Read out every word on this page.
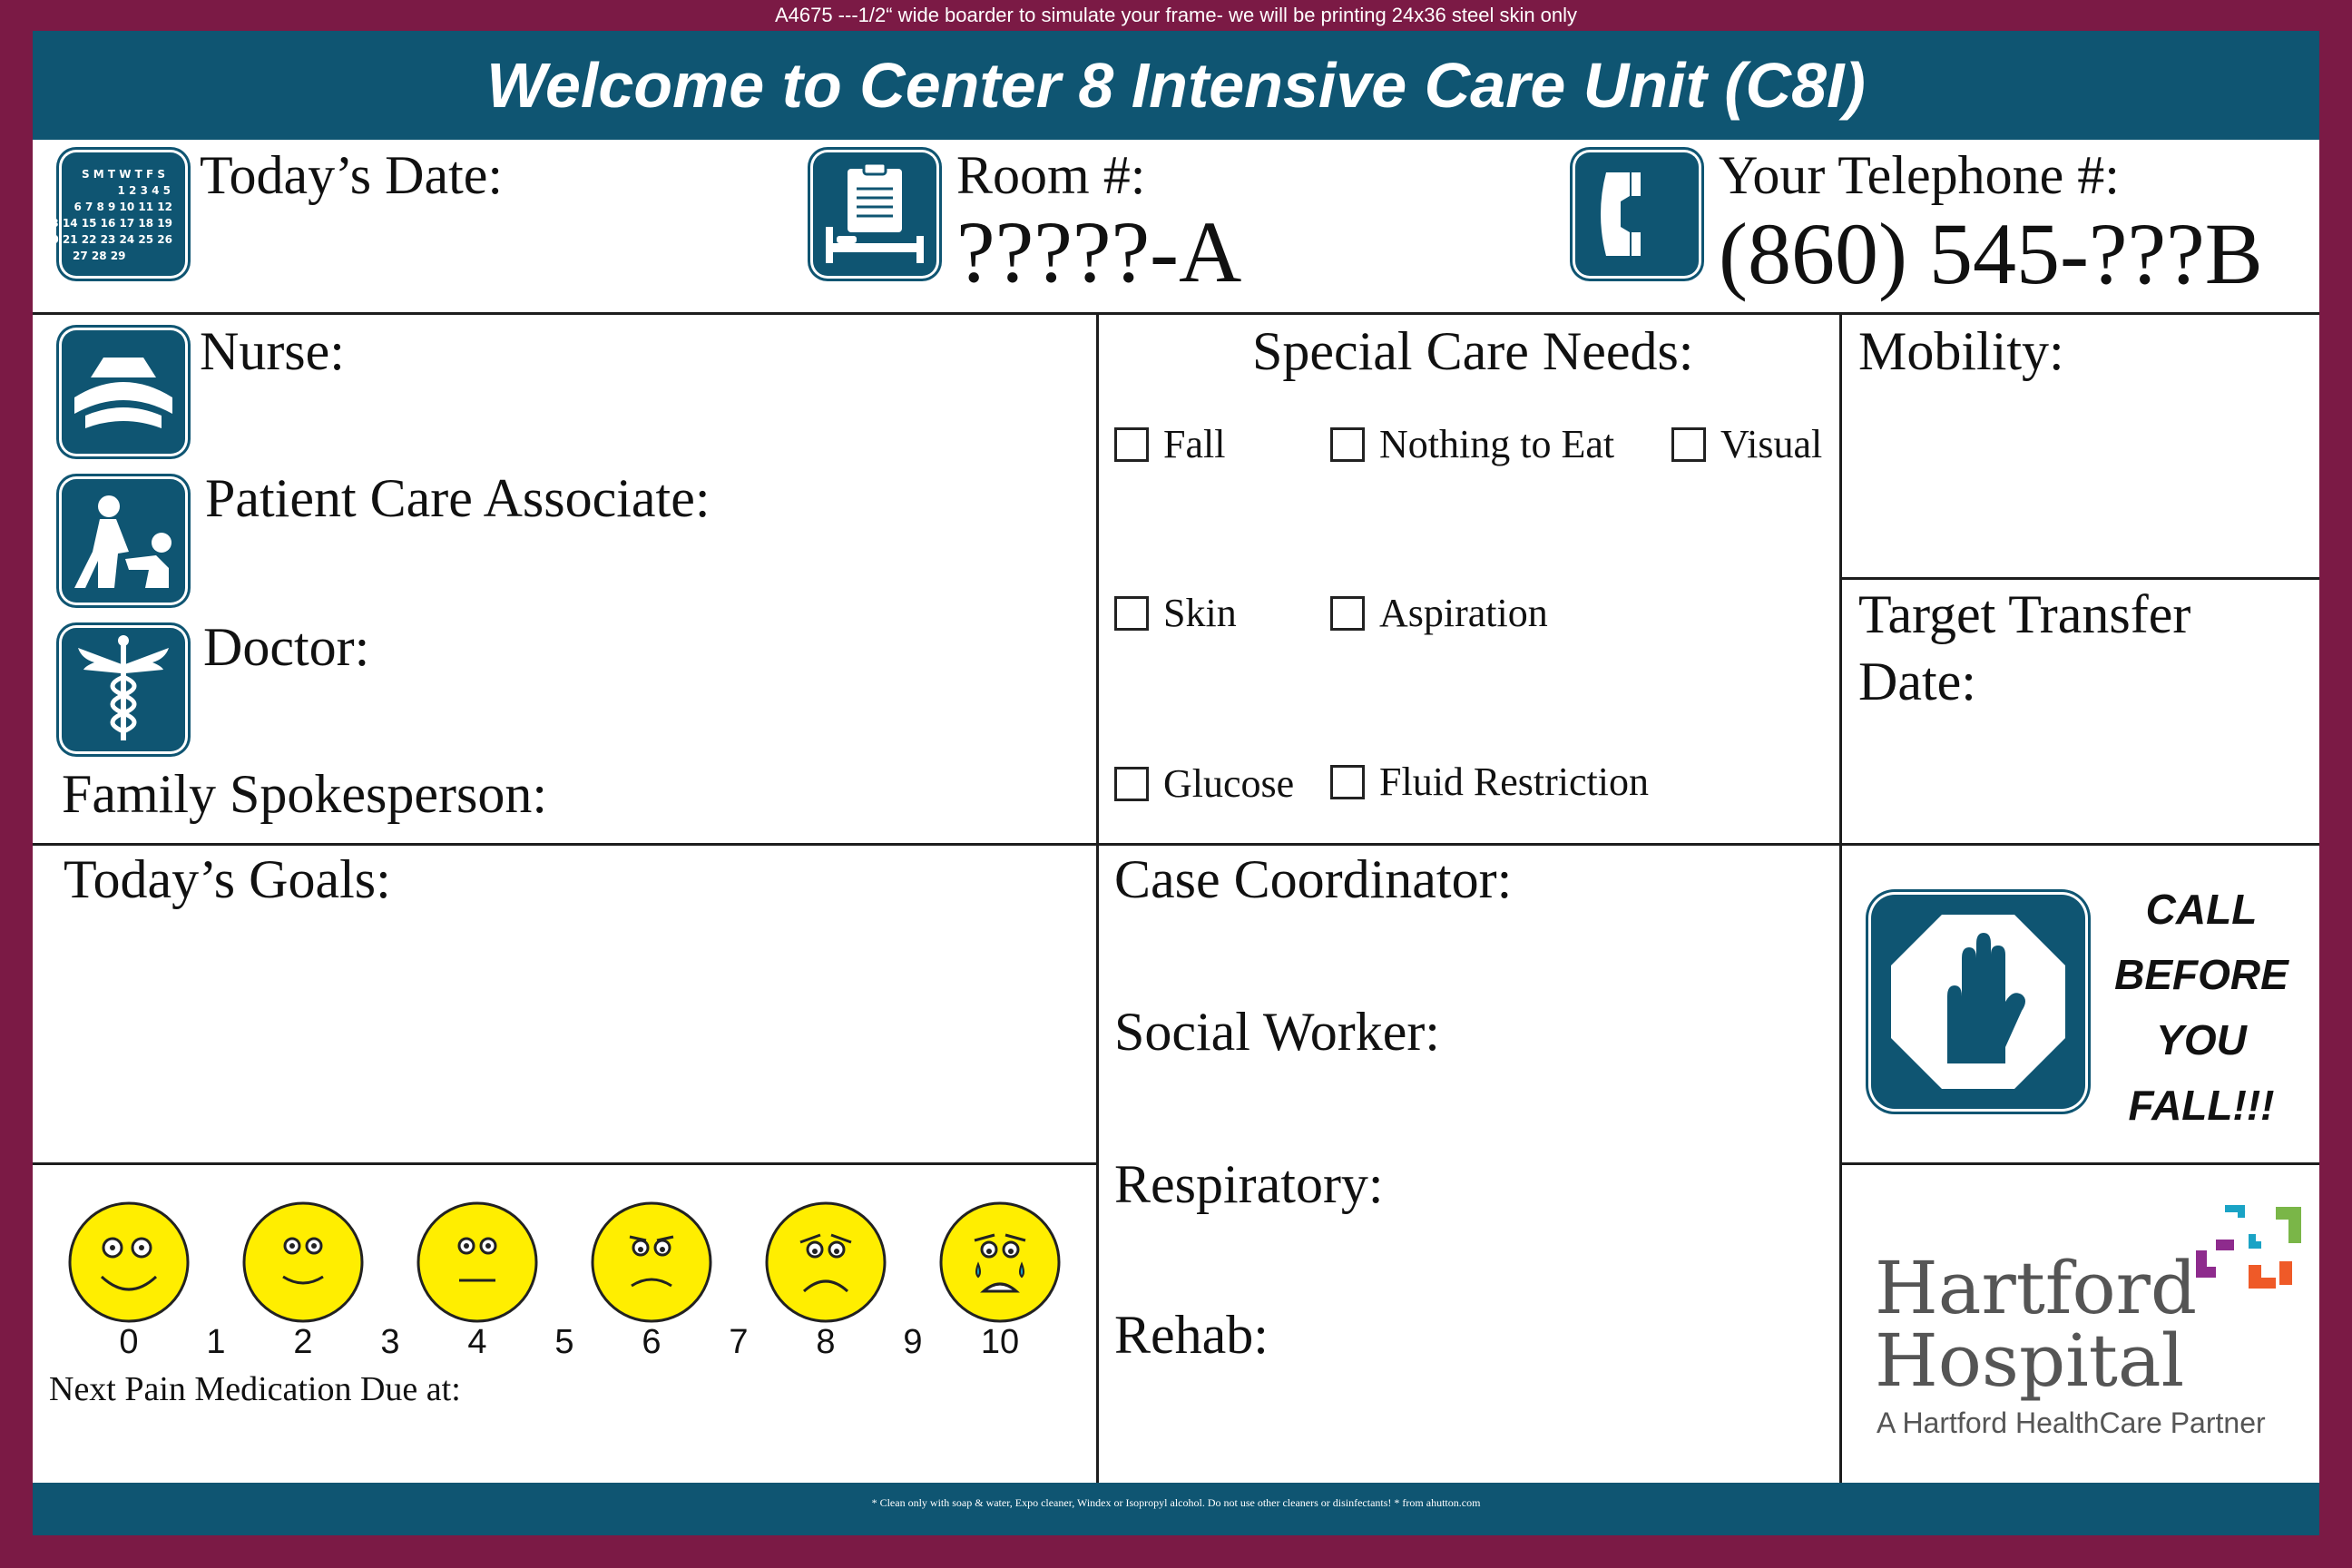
A4675 ---1/2“ wide boarder to simulate your frame- we will be printing 24x36 steel skin only
Welcome to Center 8 Intensive Care Unit (C8I)
S M T W T F S
1 2 3 4 5
6 7 8 9 10 11 12
13 14 15 16 17 18 19
20 21 22 23 24 25 26
27 28 29
Today’s Date:	Room #:
?????-A
Your Telephone #:
(860) 545-???B
Nurse:
Patient Care Associate:
Doctor:
Family Spokesperson:
Special Care Needs:
Fall	Nothing to Eat	Visual
Skin	Aspiration
Glucose Fluid Restriction
Mobility:
Target Transfer
Date:
Today’s Goals:	Case Coordinator:
Social Worker:
Respiratory:
Rehab:
CALL
BEFORE
YOU
FALL!!!
0	1	2	3	4	5	6	7	8	9	10
Next Pain Medication Due at:
Hartford
Hospital
A Hartford HealthCare Partner
* Clean only with soap & water, Expo cleaner, Windex or Isopropyl alcohol. Do not use other cleaners or disinfectants! * from ahutton.com
